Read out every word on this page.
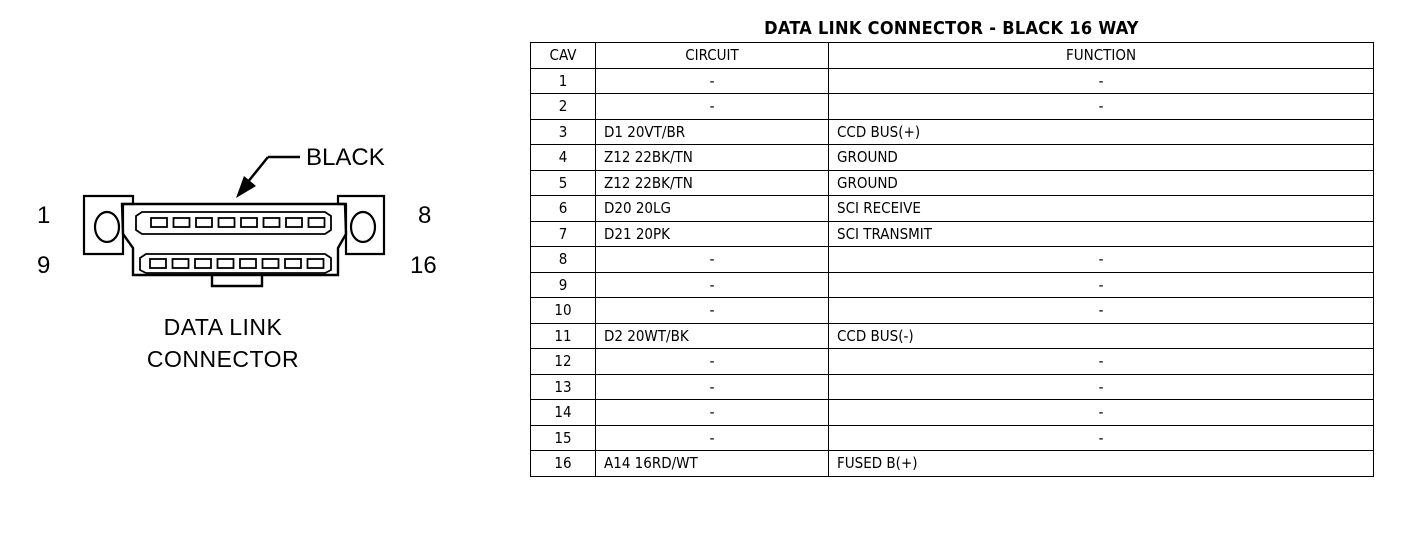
BLACK
1	8
9	16
DATA LINK
CONNECTOR
DATA LINK CONNECTOR - BLACK 16 WAY
CAV	CIRCUIT	FUNCTION
1	-	-
2	-	-
3	D1 20VT/BR	CCD BUS(+)
4	Z12 22BK/TN	GROUND
5	Z12 22BK/TN	GROUND
6	D20 20LG	SCI RECEIVE
7	D21 20PK	SCI TRANSMIT
8	-	-
9	-	-
10	-	-
11	D2 20WT/BK	CCD BUS(-)
12	-	-
13	-	-
14	-	-
15	-	-
16	A14 16RD/WT	FUSED B(+)
